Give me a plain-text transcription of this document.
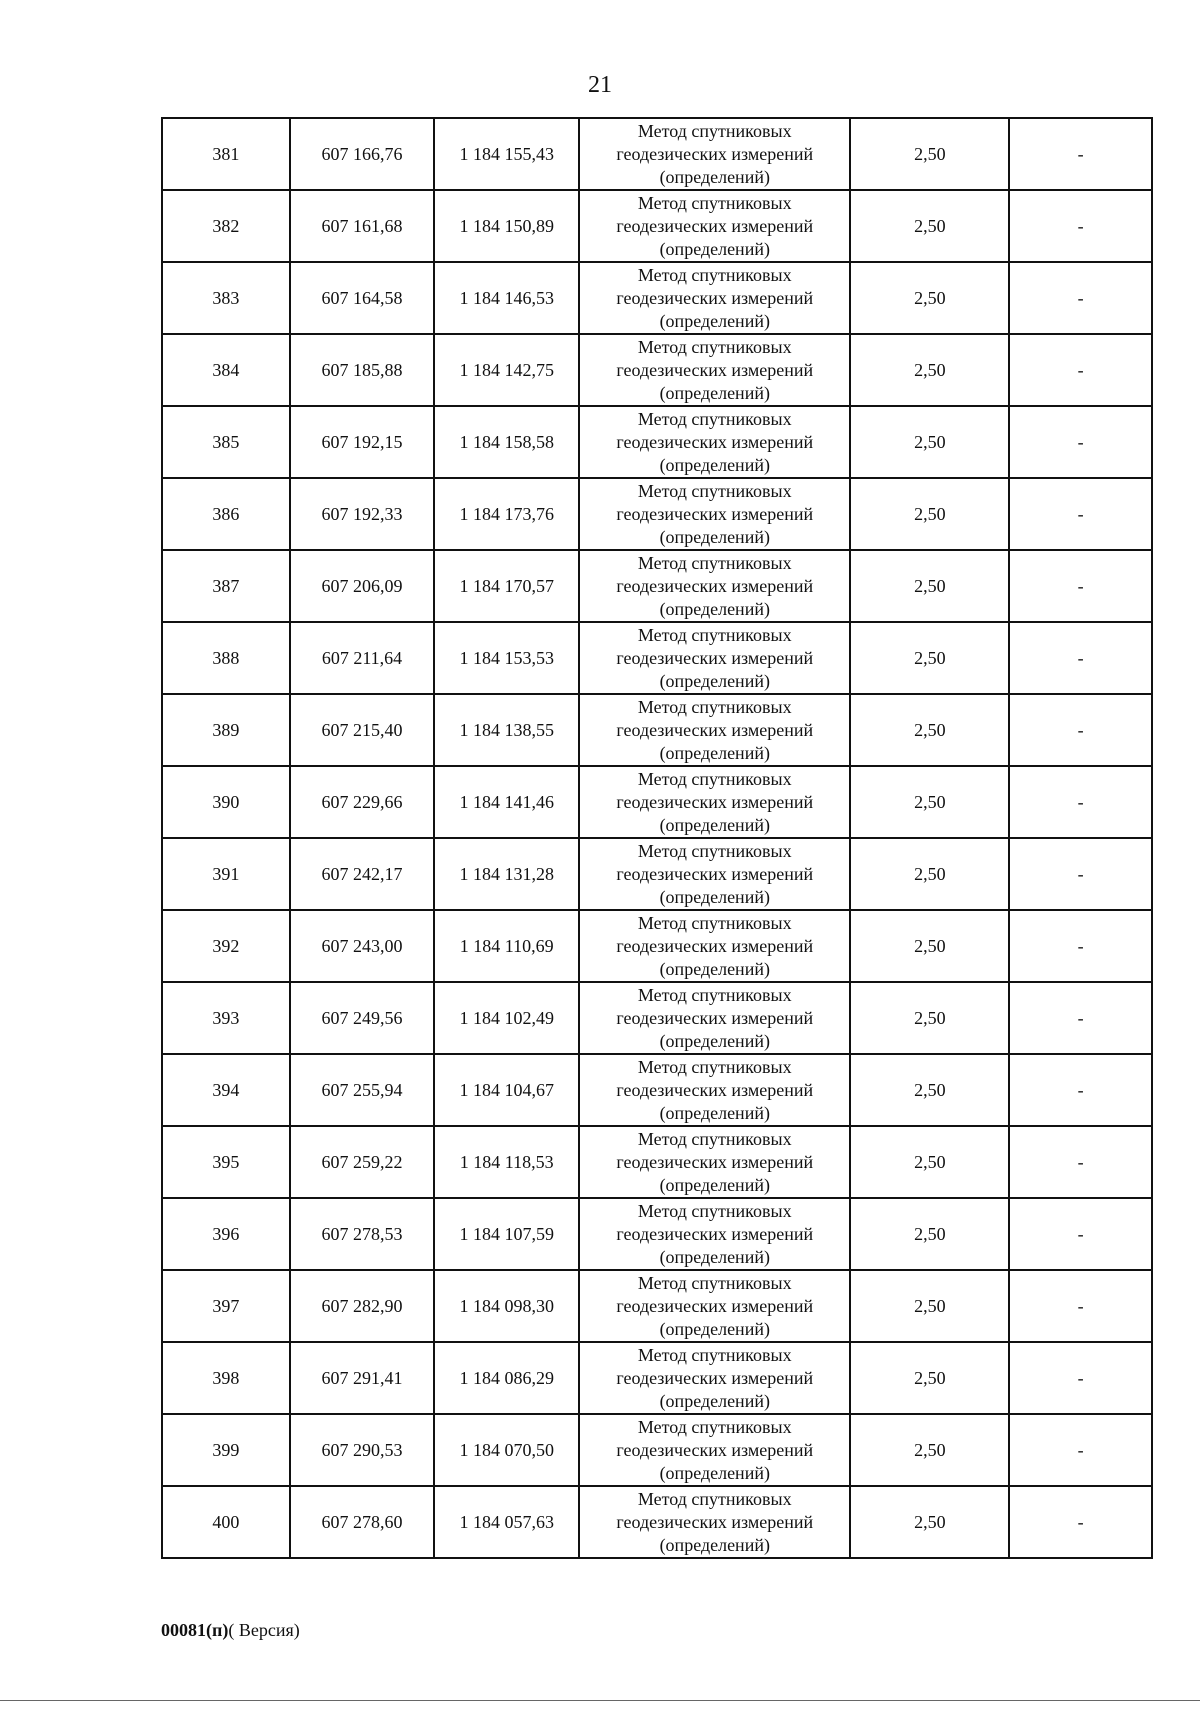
21
381	607 166,76	1 184 155,43	Метод спутниковых
геодезических измерений
(определений)	2,50	-
382	607 161,68	1 184 150,89	Метод спутниковых
геодезических измерений
(определений)	2,50	-
383	607 164,58	1 184 146,53	Метод спутниковых
геодезических измерений
(определений)	2,50	-
384	607 185,88	1 184 142,75	Метод спутниковых
геодезических измерений
(определений)	2,50	-
385	607 192,15	1 184 158,58	Метод спутниковых
геодезических измерений
(определений)	2,50	-
386	607 192,33	1 184 173,76	Метод спутниковых
геодезических измерений
(определений)	2,50	-
387	607 206,09	1 184 170,57	Метод спутниковых
геодезических измерений
(определений)	2,50	-
388	607 211,64	1 184 153,53	Метод спутниковых
геодезических измерений
(определений)	2,50	-
389	607 215,40	1 184 138,55	Метод спутниковых
геодезических измерений
(определений)	2,50	-
390	607 229,66	1 184 141,46	Метод спутниковых
геодезических измерений
(определений)	2,50	-
391	607 242,17	1 184 131,28	Метод спутниковых
геодезических измерений
(определений)	2,50	-
392	607 243,00	1 184 110,69	Метод спутниковых
геодезических измерений
(определений)	2,50	-
393	607 249,56	1 184 102,49	Метод спутниковых
геодезических измерений
(определений)	2,50	-
394	607 255,94	1 184 104,67	Метод спутниковых
геодезических измерений
(определений)	2,50	-
395	607 259,22	1 184 118,53	Метод спутниковых
геодезических измерений
(определений)	2,50	-
396	607 278,53	1 184 107,59	Метод спутниковых
геодезических измерений
(определений)	2,50	-
397	607 282,90	1 184 098,30	Метод спутниковых
геодезических измерений
(определений)	2,50	-
398	607 291,41	1 184 086,29	Метод спутниковых
геодезических измерений
(определений)	2,50	-
399	607 290,53	1 184 070,50	Метод спутниковых
геодезических измерений
(определений)	2,50	-
400	607 278,60	1 184 057,63	Метод спутниковых
геодезических измерений
(определений)	2,50	-
00081(п)( Версия)
